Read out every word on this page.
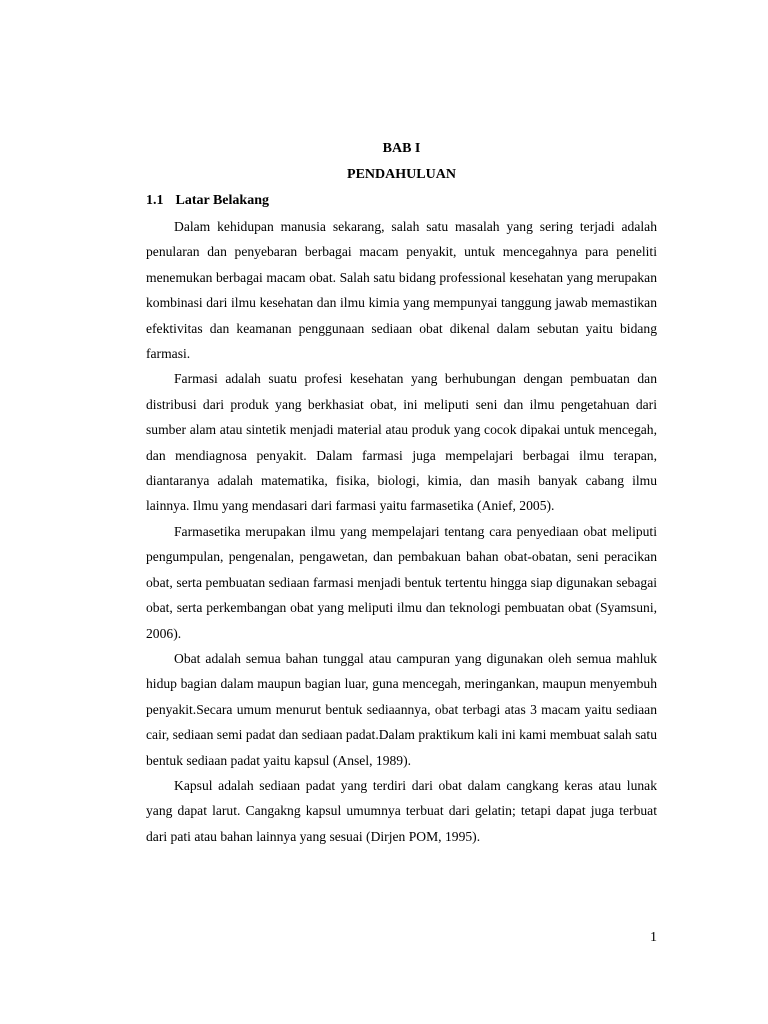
BAB I

PENDAHULUAN

1.1 Latar Belakang

Dalam kehidupan manusia sekarang, salah satu masalah yang sering terjadi adalah penularan dan penyebaran berbagai macam penyakit, untuk mencegahnya para peneliti menemukan berbagai macam obat. Salah satu bidang professional kesehatan yang merupakan kombinasi dari ilmu kesehatan dan ilmu kimia yang mempunyai tanggung jawab memastikan efektivitas dan keamanan penggunaan sediaan obat dikenal dalam sebutan yaitu bidang farmasi.

Farmasi adalah suatu profesi kesehatan yang berhubungan dengan pembuatan dan distribusi dari produk yang berkhasiat obat, ini meliputi seni dan ilmu pengetahuan dari sumber alam atau sintetik menjadi material atau produk yang cocok dipakai untuk mencegah, dan mendiagnosa penyakit. Dalam farmasi juga mempelajari berbagai ilmu terapan, diantaranya adalah matematika, fisika, biologi, kimia, dan masih banyak cabang ilmu lainnya. Ilmu yang mendasari dari farmasi yaitu farmasetika (Anief, 2005).

Farmasetika merupakan ilmu yang mempelajari tentang cara penyediaan obat meliputi pengumpulan, pengenalan, pengawetan, dan pembakuan bahan obat-obatan, seni peracikan obat, serta pembuatan sediaan farmasi menjadi bentuk tertentu hingga siap digunakan sebagai obat, serta perkembangan obat yang meliputi ilmu dan teknologi pembuatan obat (Syamsuni, 2006).

Obat adalah semua bahan tunggal atau campuran yang digunakan oleh semua mahluk hidup bagian dalam maupun bagian luar, guna mencegah, meringankan, maupun menyembuh penyakit.Secara umum menurut bentuk sediaannya, obat terbagi atas 3 macam yaitu sediaan cair, sediaan semi padat dan sediaan padat.Dalam praktikum kali ini kami membuat salah satu bentuk sediaan padat yaitu kapsul (Ansel, 1989).

Kapsul adalah sediaan padat yang terdiri dari obat dalam cangkang keras atau lunak yang dapat larut. Cangakng kapsul umumnya terbuat dari gelatin; tetapi dapat juga terbuat dari pati atau bahan lainnya yang sesuai (Dirjen POM, 1995).

1
